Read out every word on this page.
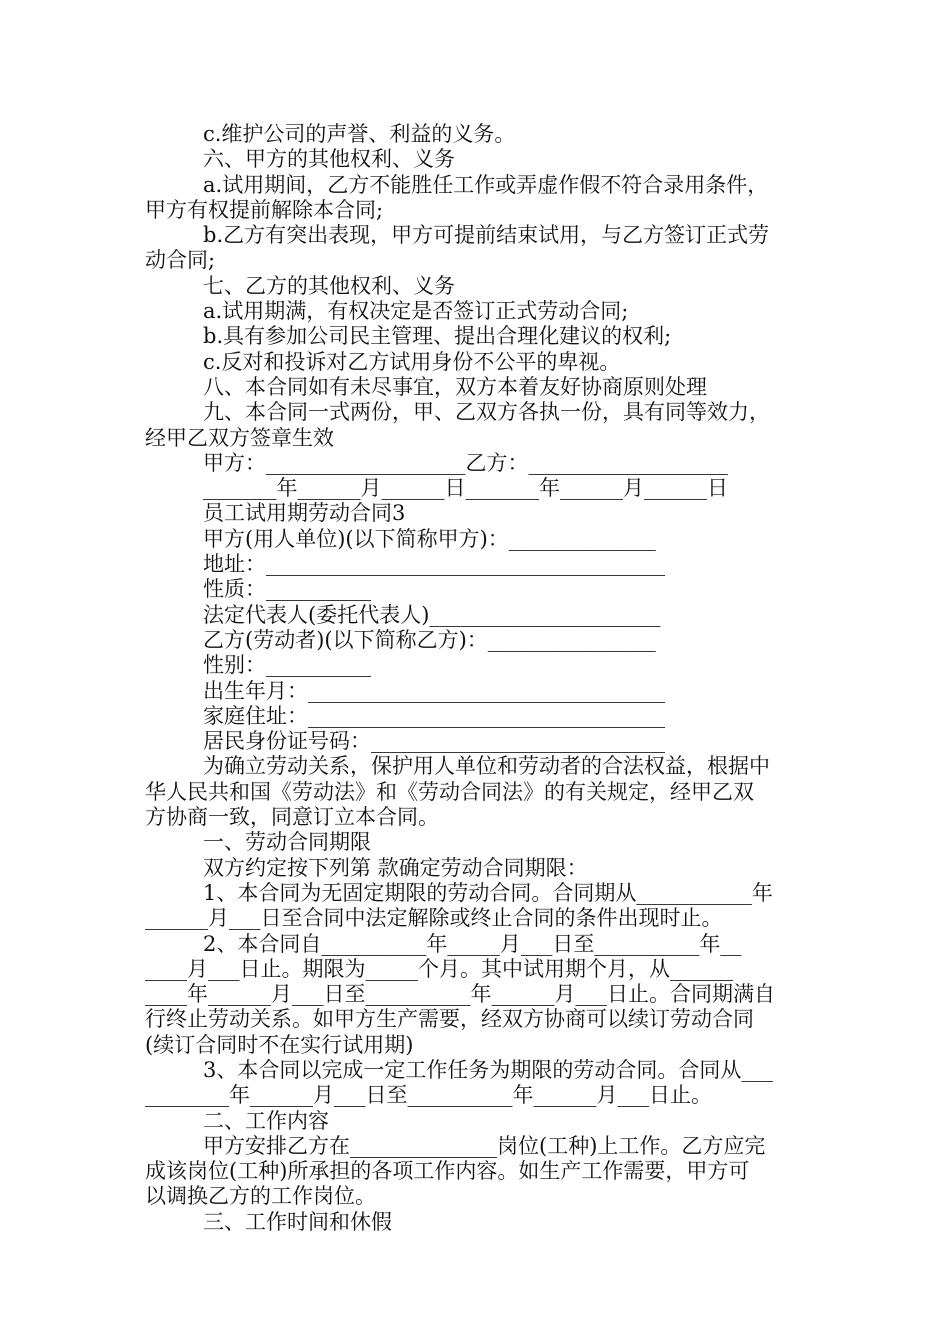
c.维护公司的声誉、利益的义务。

六、甲方的其他权利、义务

a.试用期间，乙方不能胜任工作或弄虚作假不符合录用条件，

甲方有权提前解除本合同;

b.乙方有突出表现，甲方可提前结束试用，与乙方签订正式劳

动合同;

七、乙方的其他权利、义务

a.试用期满，有权决定是否签订正式劳动合同;

b.具有参加公司民主管理、提出合理化建议的权利;

c.反对和投诉对乙方试用身份不公平的卑视。

八、本合同如有未尽事宜，双方本着友好协商原则处理

九、本合同一式两份，甲、乙双方各执一份，具有同等效力，

经甲乙双方签章生效

甲方：___________________乙方：___________________

_______年______月______日_______年______月______日

员工试用期劳动合同3

甲方(用人单位)(以下简称甲方)：______________

地址：______________________________________

性质：__________

法定代表人(委托代表人)______________________

乙方(劳动者)(以下简称乙方)：________________

性别：__________

出生年月：__________________________________

家庭住址：__________________________________

居民身份证号码：____________________________

为确立劳动关系，保护用人单位和劳动者的合法权益，根据中

华人民共和国《劳动法》和《劳动合同法》的有关规定，经甲乙双

方协商一致，同意订立本合同。

一、劳动合同期限

双方约定按下列第 款确定劳动合同期限：

1、本合同为无固定期限的劳动合同。合同期从___________年

______月___日至合同中法定解除或终止合同的条件出现时止。

2、本合同自__________年_____月___日至__________年__

____月___日止。期限为_____个月。其中试用期个月，从______

____年______月___日至__________年______月___日止。合同期满自

行终止劳动关系。如甲方生产需要，经双方协商可以续订劳动合同

(续订合同时不在实行试用期)

3、本合同以完成一定工作任务为期限的劳动合同。合同从___

________年______月___日至__________年______月___日止。

二、工作内容

甲方安排乙方在______________岗位(工种)上工作。乙方应完

成该岗位(工种)所承担的各项工作内容。如生产工作需要，甲方可

以调换乙方的工作岗位。

三、工作时间和休假
